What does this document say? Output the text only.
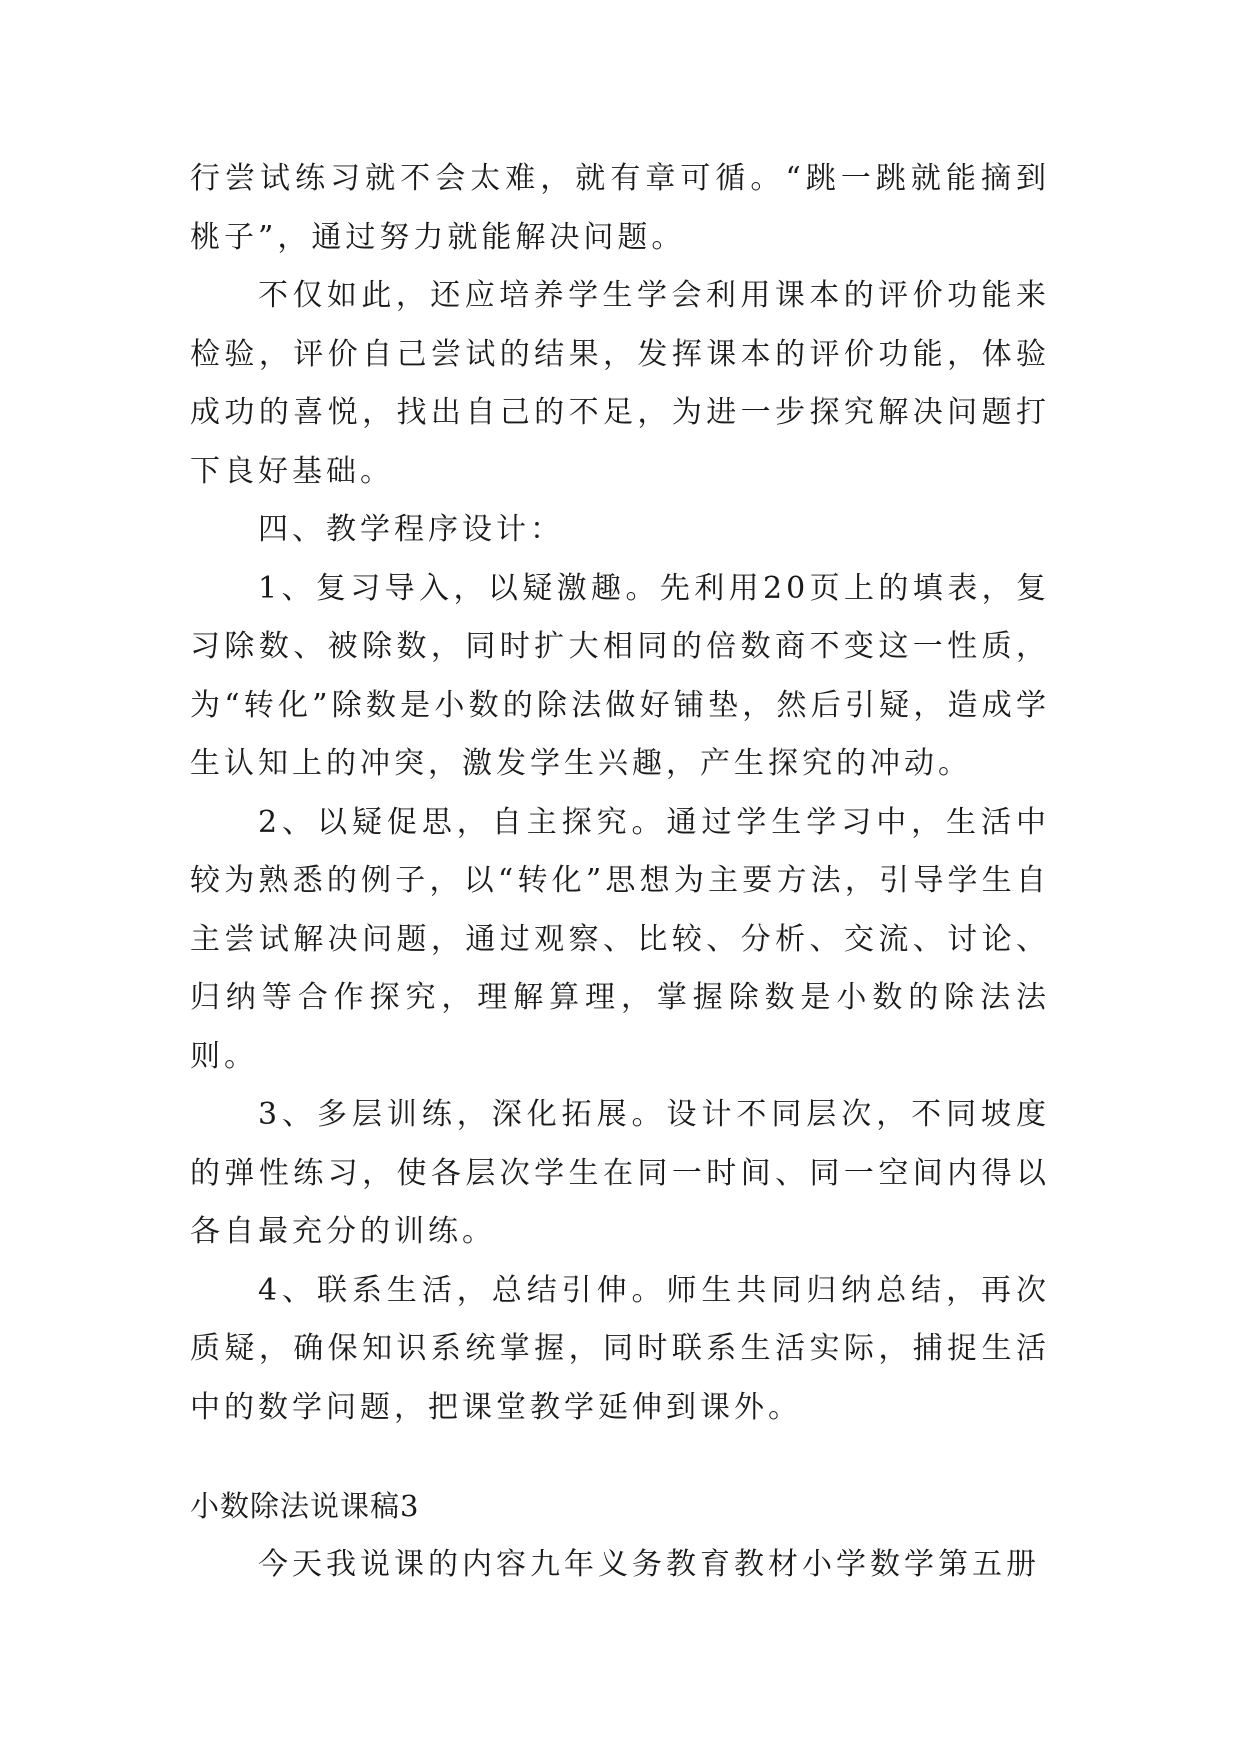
行尝试练习就不会太难，就有章可循。“跳一跳就能摘到桃子”，通过努力就能解决问题。

不仅如此，还应培养学生学会利用课本的评价功能来检验，评价自己尝试的结果，发挥课本的评价功能，体验成功的喜悦，找出自己的不足，为进一步探究解决问题打下良好基础。

四、教学程序设计：

1、复习导入，以疑激趣。先利用20页上的填表，复习除数、被除数，同时扩大相同的倍数商不变这一性质，为“转化”除数是小数的除法做好铺垫，然后引疑，造成学生认知上的冲突，激发学生兴趣，产生探究的冲动。

2、以疑促思，自主探究。通过学生学习中，生活中较为熟悉的例子，以“转化”思想为主要方法，引导学生自主尝试解决问题，通过观察、比较、分析、交流、讨论、归纳等合作探究，理解算理，掌握除数是小数的除法法则。

3、多层训练，深化拓展。设计不同层次，不同坡度的弹性练习，使各层次学生在同一时间、同一空间内得以各自最充分的训练。

4、联系生活，总结引伸。师生共同归纳总结，再次质疑，确保知识系统掌握，同时联系生活实际，捕捉生活中的数学问题，把课堂教学延伸到课外。

小数除法说课稿3

今天我说课的内容九年义务教育教材小学数学第五册
